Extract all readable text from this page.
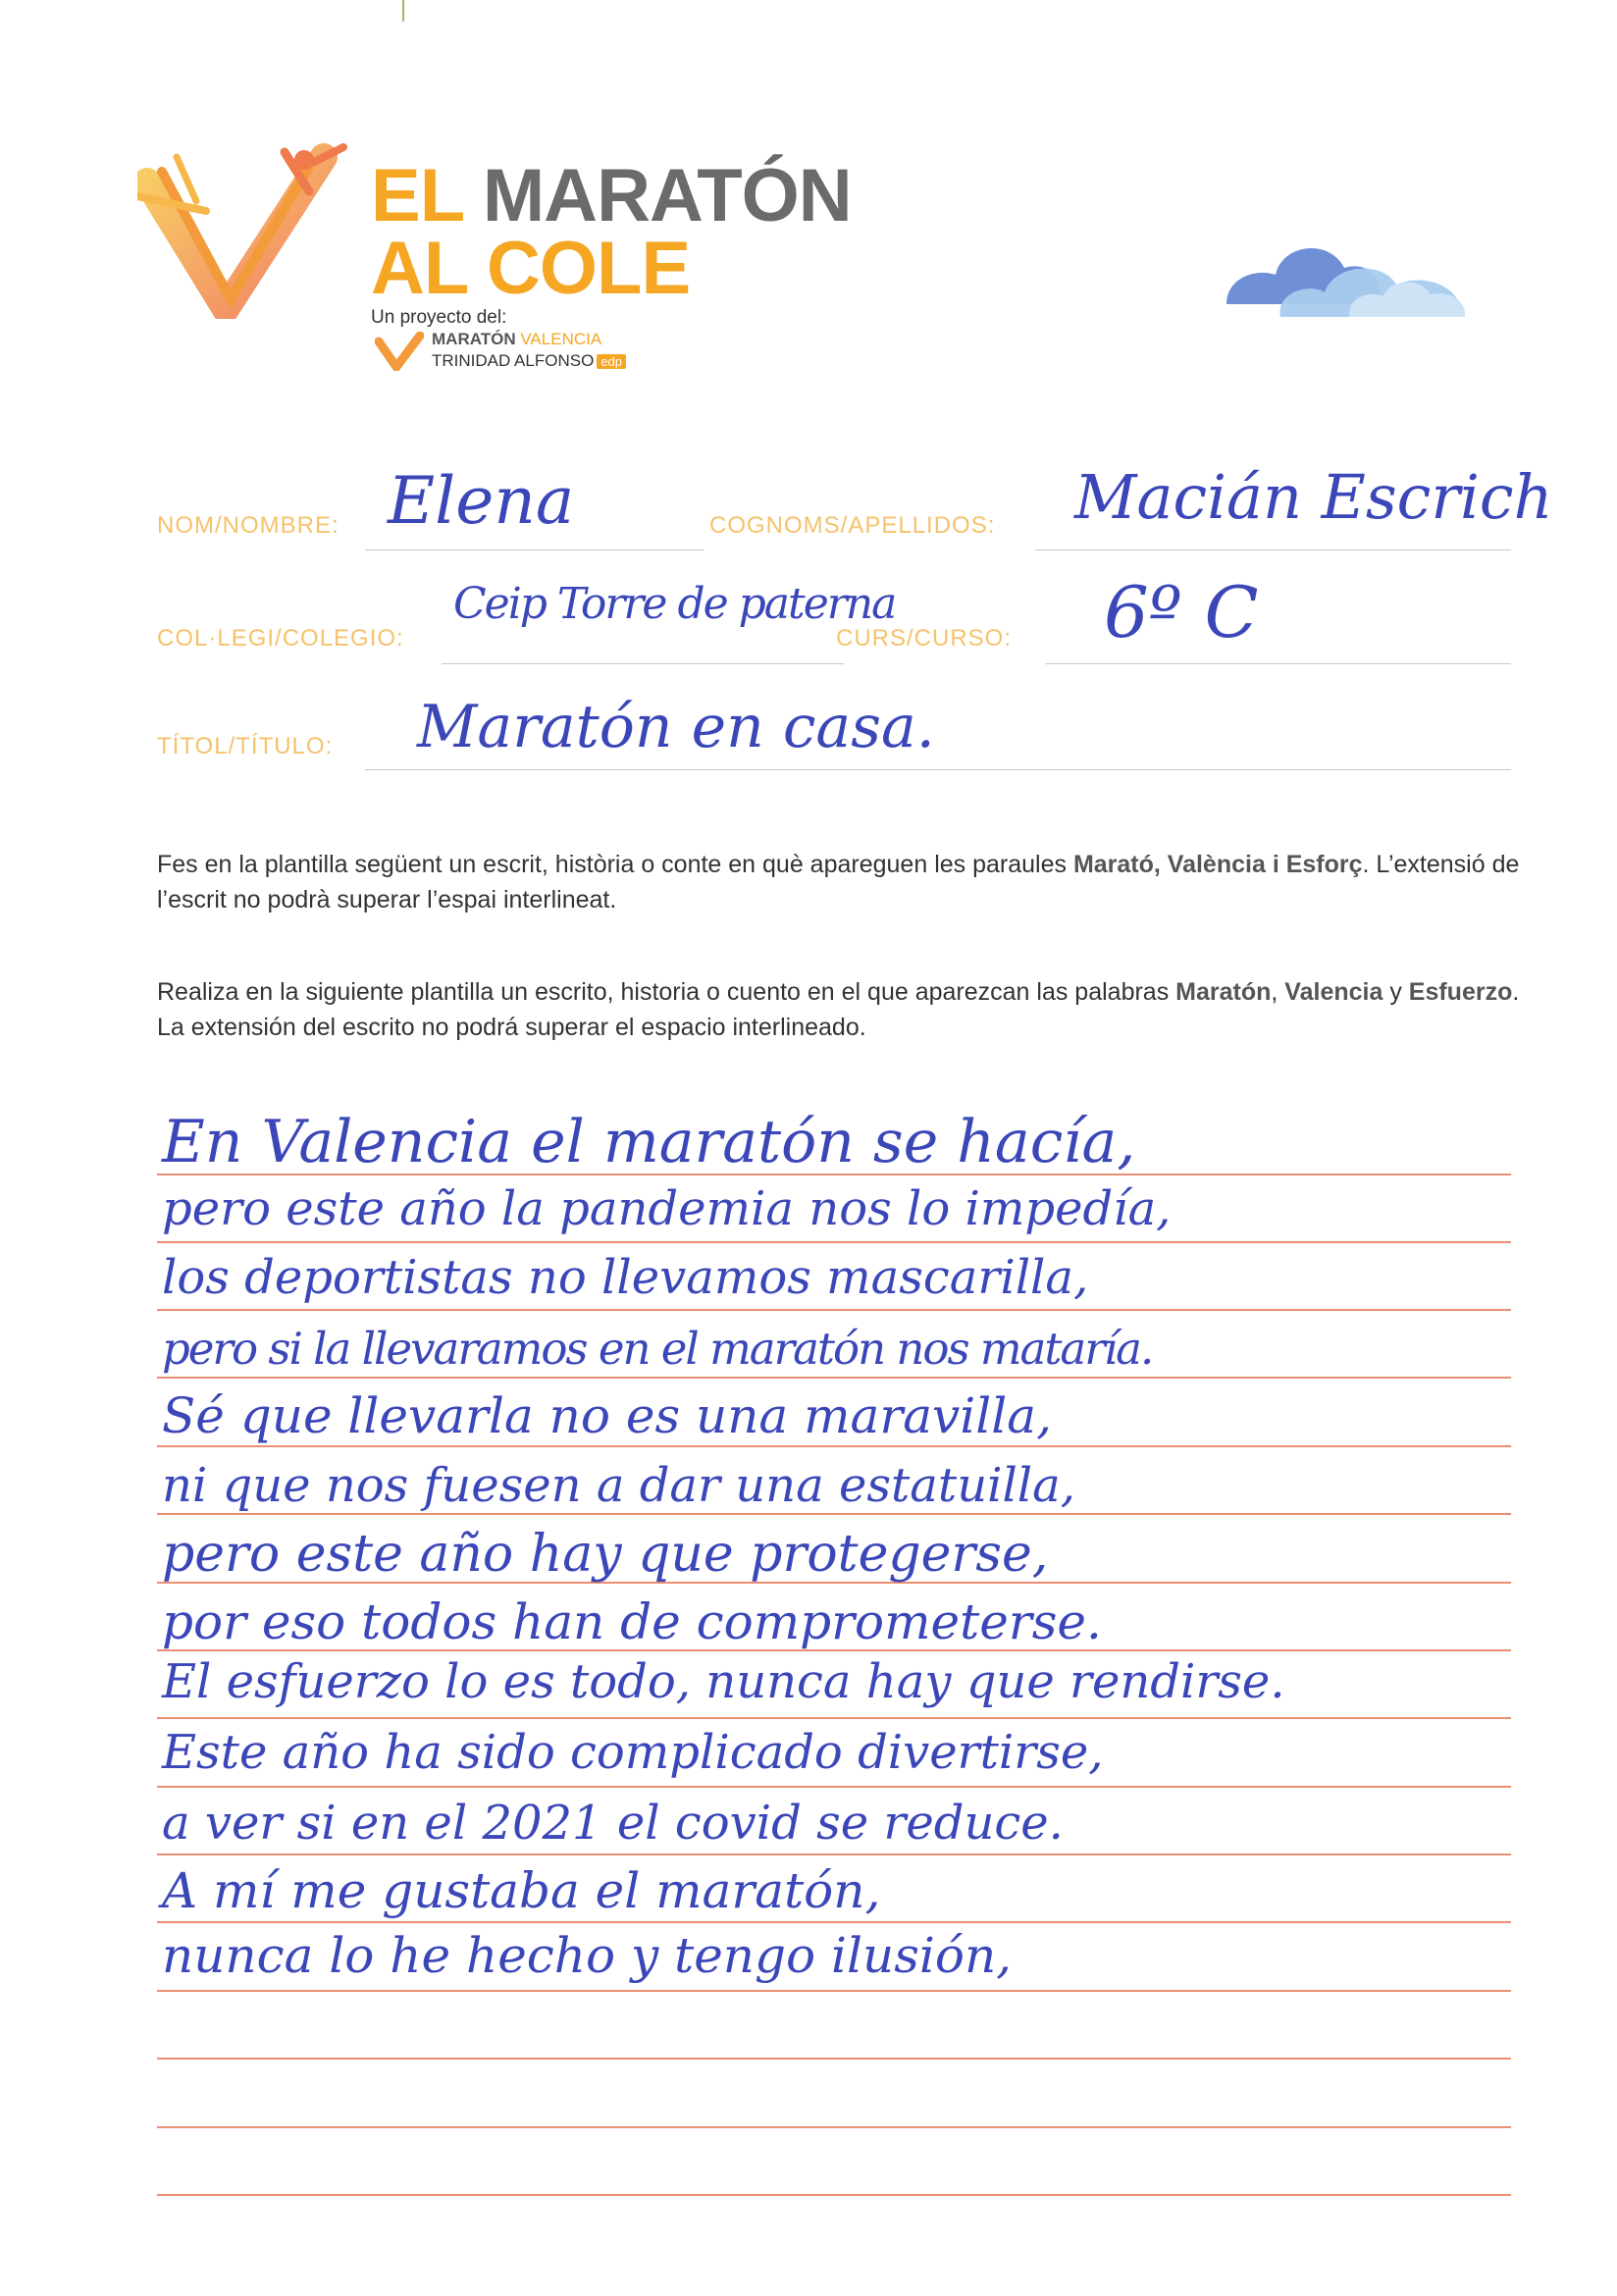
EL MARATÓN
AL COLE
Un proyecto del:
MARATÓN VALENCIA
TRINIDAD ALFONSO edp
NOM/NOMBRE: Elena	COGNOMS/APELLIDOS: Macián Escrich
COL·LEGI/COLEGIO:
Ceip Torre de paterna
CURS/CURSO: 6º C
TÍTOL/TÍTULO: Maratón en casa.
Fes en la plantilla següent un escrit, història o conte en què apareguen les paraules Marató, València i Esforç. L’extensió de l’escrit no podrà superar l’espai interlineat.
Realiza en la siguiente plantilla un escrito, historia o cuento en el que aparezcan las palabras Maratón, Valencia y Esfuerzo. La extensión del escrito no podrá superar el espacio interlineado.
En Valencia el maratón se hacía,
pero este año la pandemia nos lo impedía,
los deportistas no llevamos mascarilla,
pero si la llevaramos en el maratón nos mataría.
Sé que llevarla no es una maravilla,
ni que nos fuesen a dar una estatuilla,
pero este año hay que protegerse,
por eso todos han de comprometerse.
El esfuerzo lo es todo, nunca hay que rendirse.
Este año ha sido complicado divertirse,
a ver si en el 2021 el covid se reduce.
A mí me gustaba el maratón,
nunca lo he hecho y tengo ilusión,
